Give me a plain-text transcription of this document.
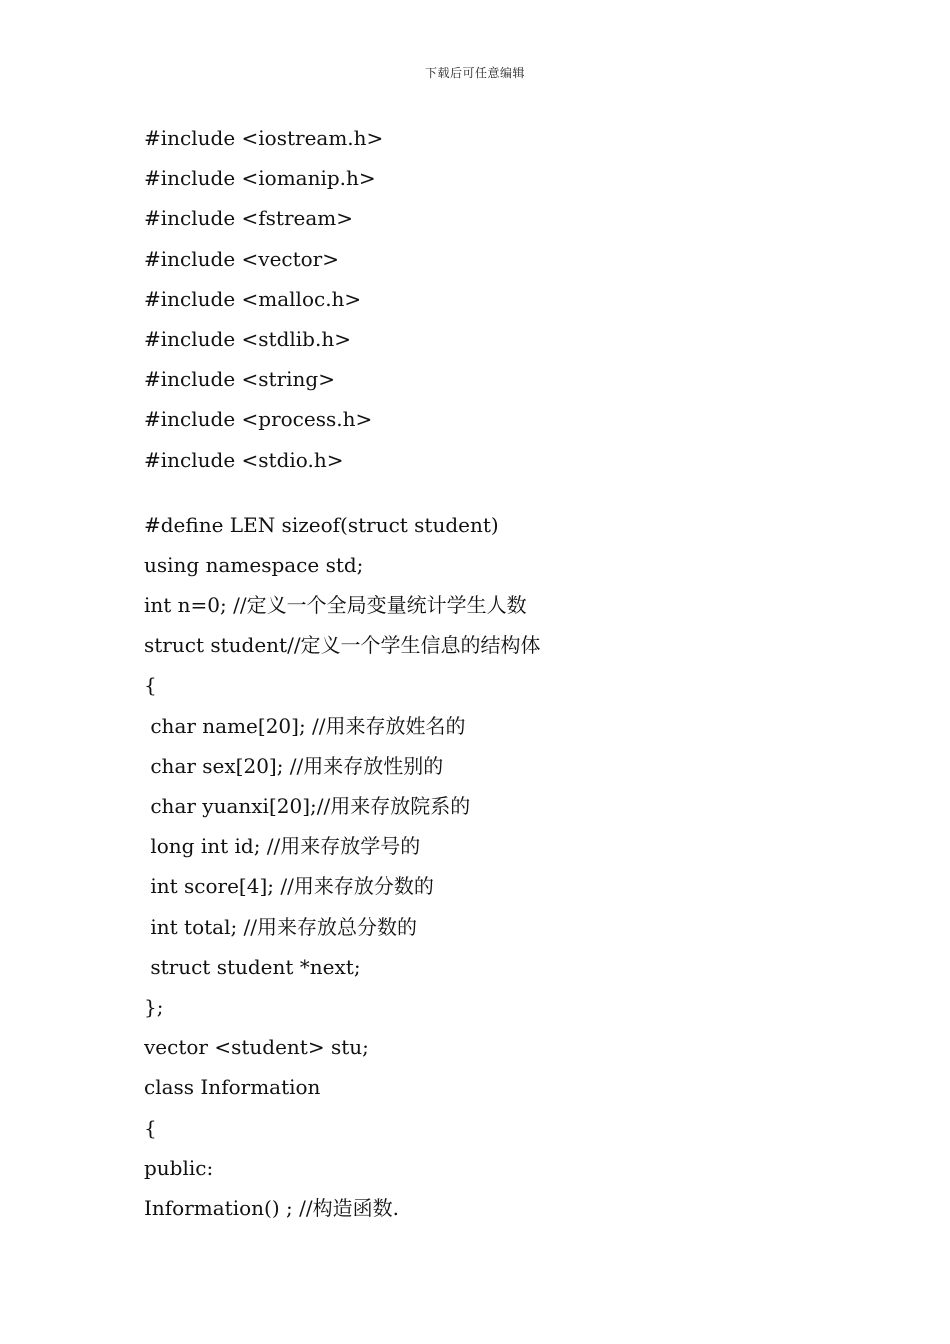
下载后可任意编辑
#include <iostream.h>
#include <iomanip.h>
#include <fstream>
#include <vector>
#include <malloc.h>
#include <stdlib.h>
#include <string>
#include <process.h>
#include <stdio.h>
#define LEN sizeof(struct student)
using namespace std;
int n=0; //定义一个全局变量统计学生人数
struct student//定义一个学生信息的结构体
{
char name[20]; //用来存放姓名的
char sex[20]; //用来存放性别的
char yuanxi[20];//用来存放院系的
long int id; //用来存放学号的
int score[4]; //用来存放分数的
int total; //用来存放总分数的
struct student *next;
};
vector <student> stu;
class Information
{
public:
Information() ; //构造函数.
